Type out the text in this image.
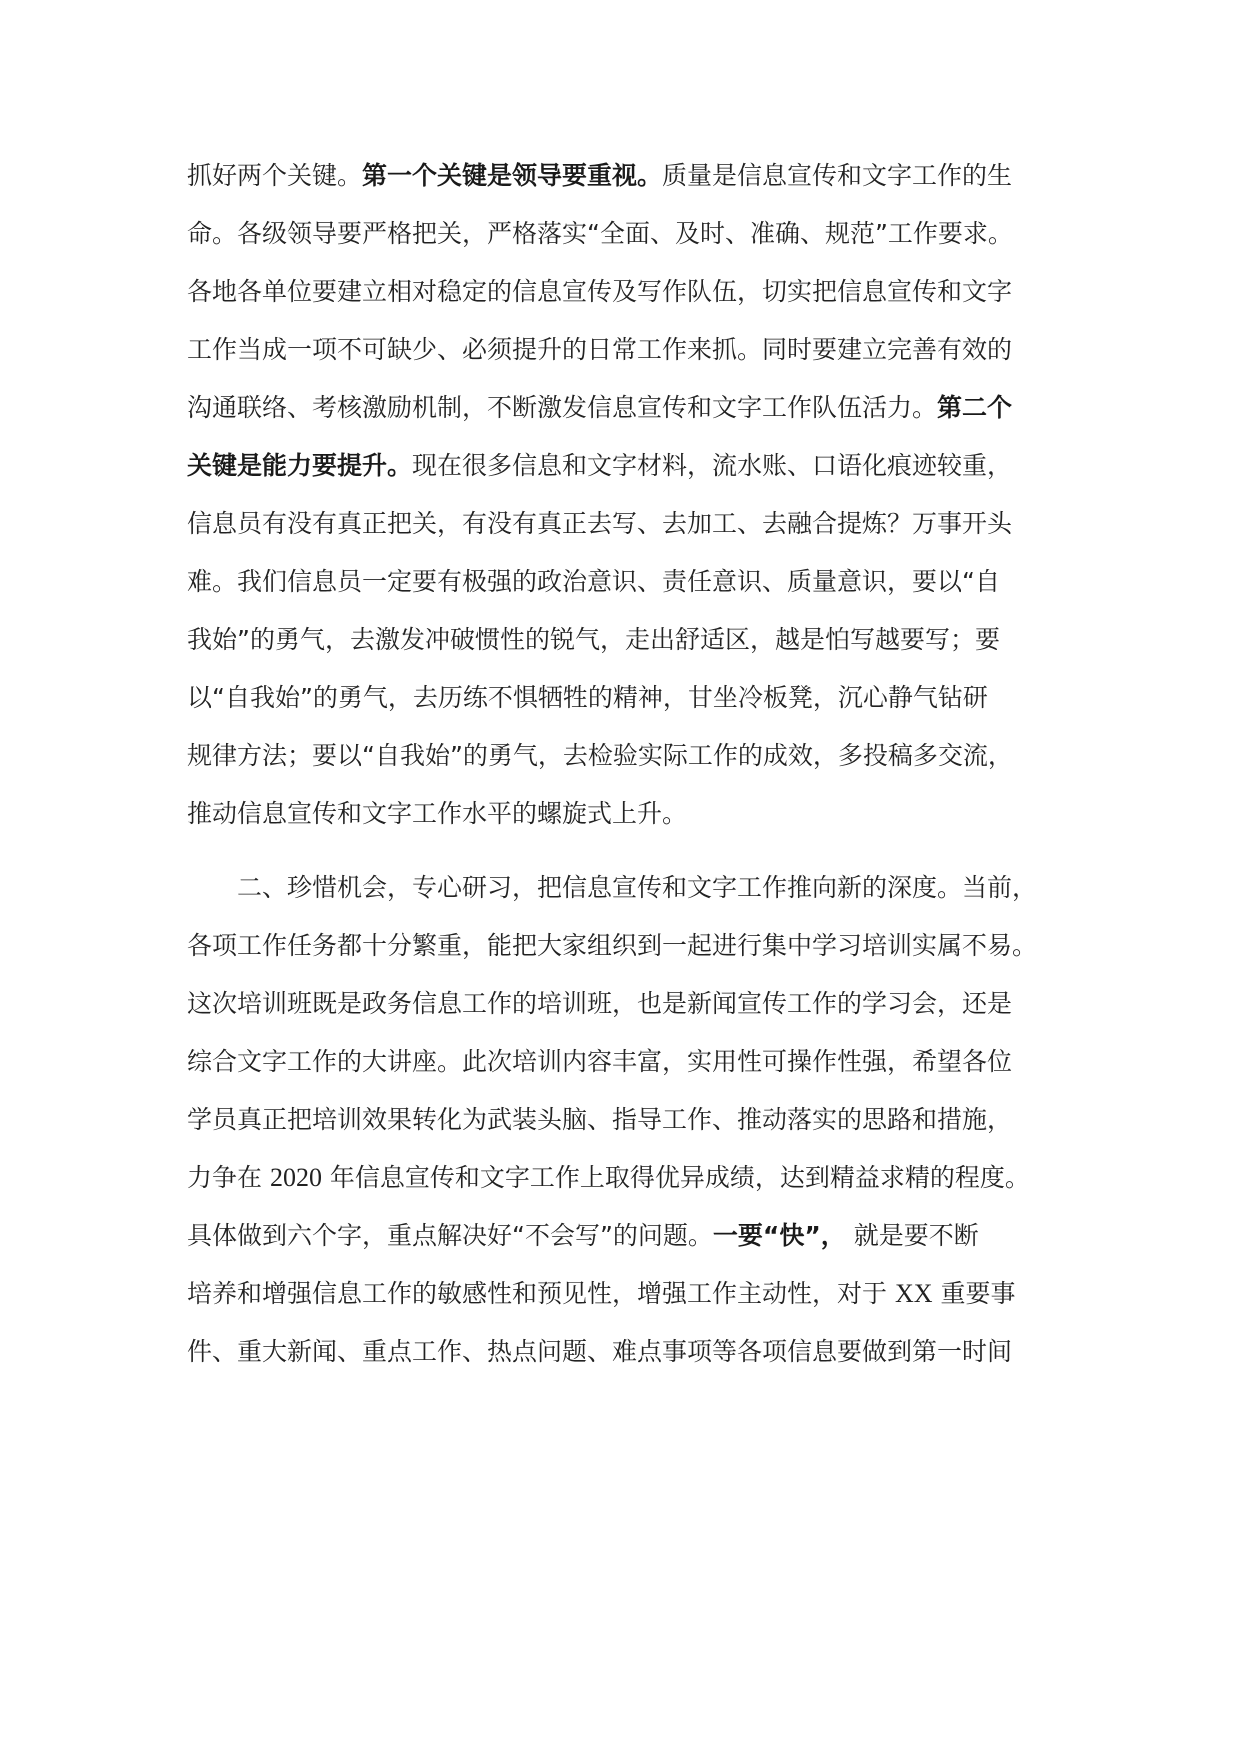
抓好两个关键。第一个关键是领导要重视。质量是信息宣传和文字工作的生
命。各级领导要严格把关，严格落实“全面、及时、准确、规范”工作要求。
各地各单位要建立相对稳定的信息宣传及写作队伍，切实把信息宣传和文字
工作当成一项不可缺少、必须提升的日常工作来抓。同时要建立完善有效的
沟通联络、考核激励机制，不断激发信息宣传和文字工作队伍活力。第二个
关键是能力要提升。现在很多信息和文字材料，流水账、口语化痕迹较重，
信息员有没有真正把关，有没有真正去写、去加工、去融合提炼？万事开头
难。我们信息员一定要有极强的政治意识、责任意识、质量意识，要以“自
我始”的勇气，去激发冲破惯性的锐气，走出舒适区，越是怕写越要写；要
以“自我始”的勇气，去历练不惧牺牲的精神，甘坐冷板凳，沉心静气钻研
规律方法；要以“自我始”的勇气，去检验实际工作的成效，多投稿多交流，
推动信息宣传和文字工作水平的螺旋式上升。
二、珍惜机会，专心研习，把信息宣传和文字工作推向新的深度。当前，
各项工作任务都十分繁重，能把大家组织到一起进行集中学习培训实属不易。
这次培训班既是政务信息工作的培训班，也是新闻宣传工作的学习会，还是
综合文字工作的大讲座。此次培训内容丰富，实用性可操作性强，希望各位
学员真正把培训效果转化为武装头脑、指导工作、推动落实的思路和措施，
力争在 2020 年信息宣传和文字工作上取得优异成绩，达到精益求精的程度。
具体做到六个字，重点解决好“不会写”的问题。一要“快”， 就是要不断
培养和增强信息工作的敏感性和预见性，增强工作主动性，对于 XX 重要事
件、重大新闻、重点工作、热点问题、难点事项等各项信息要做到第一时间
